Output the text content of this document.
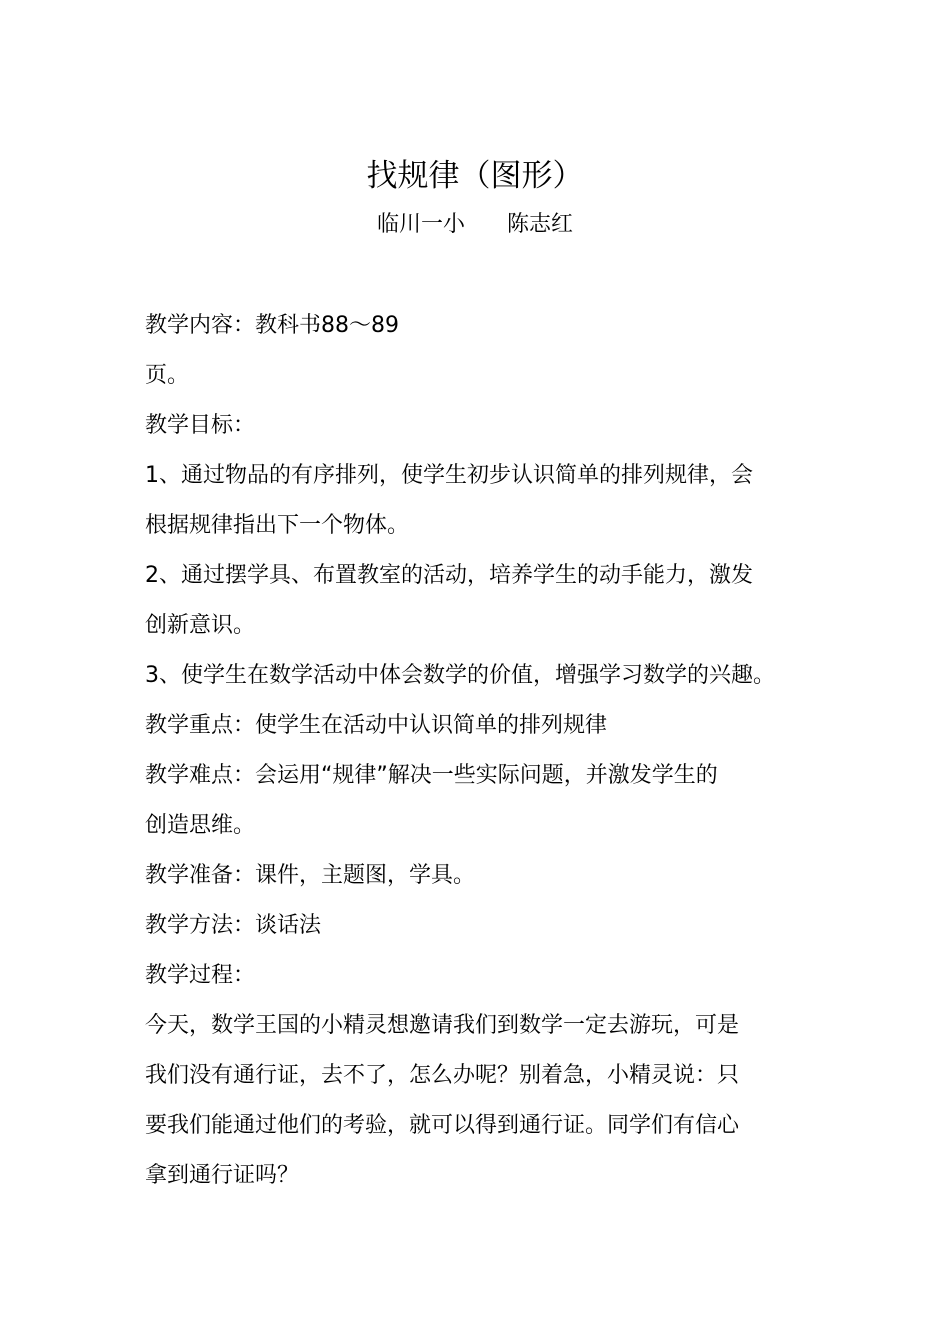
找规律（图形）
临川一小      陈志红
教学内容：教科书88～89
页。
教学目标：
1、通过物品的有序排列，使学生初步认识简单的排列规律，会
根据规律指出下一个物体。
2、通过摆学具、布置教室的活动，培养学生的动手能力，激发
创新意识。
3、使学生在数学活动中体会数学的价值，增强学习数学的兴趣。
教学重点：使学生在活动中认识简单的排列规律
教学难点：会运用“规律”解决一些实际问题，并激发学生的
创造思维。
教学准备：课件，主题图，学具。
教学方法：谈话法
教学过程：
今天，数学王国的小精灵想邀请我们到数学一定去游玩，可是
我们没有通行证，去不了，怎么办呢？别着急，小精灵说：只
要我们能通过他们的考验，就可以得到通行证。同学们有信心
拿到通行证吗？
